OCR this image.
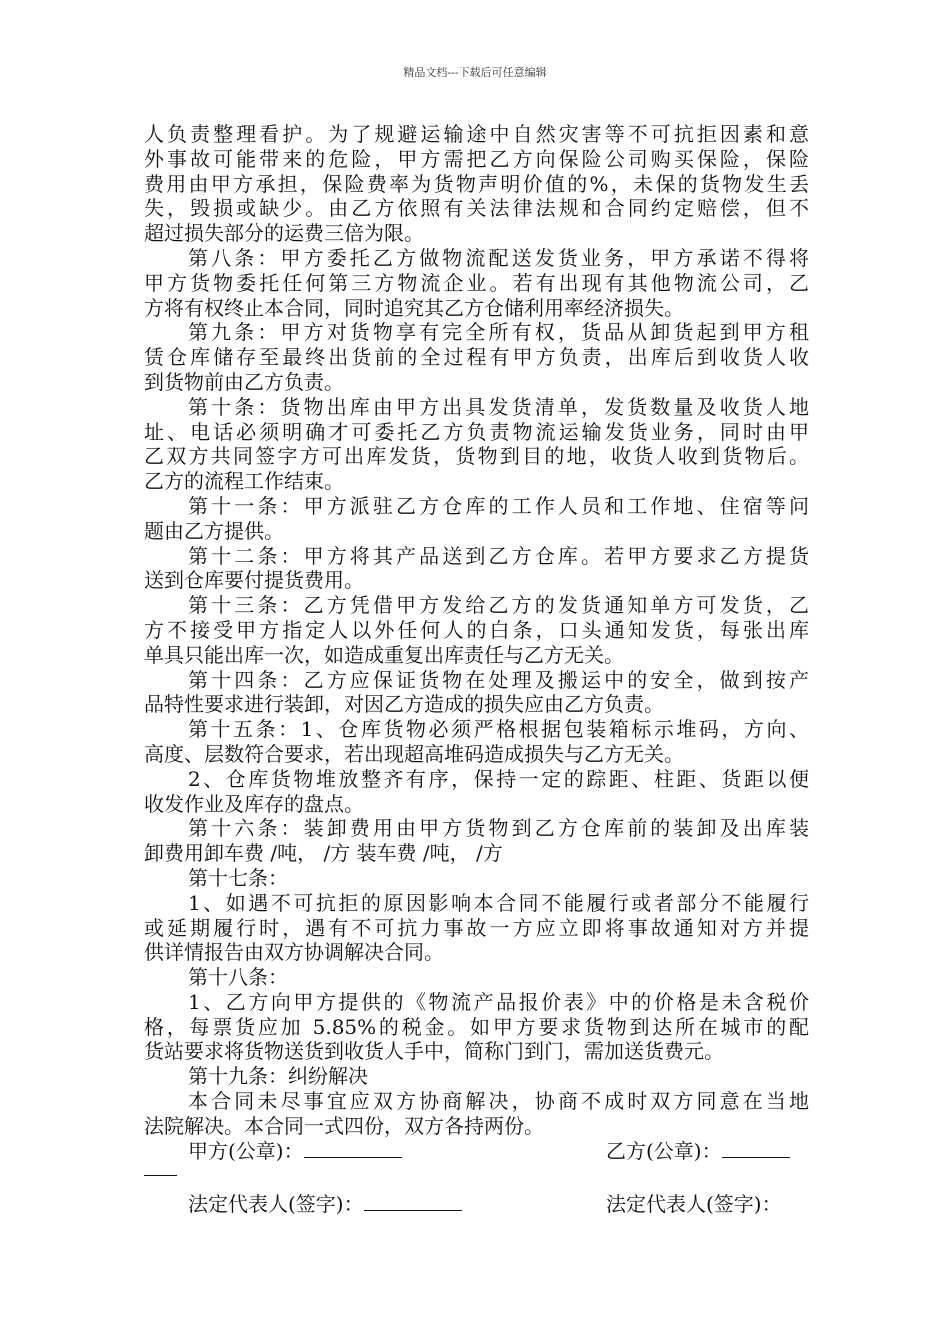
精品文档---下载后可任意编辑
人负责整理看护。为了规避运输途中自然灾害等不可抗拒因素和意
外事故可能带来的危险，甲方需把乙方向保险公司购买保险，保险
费用由甲方承担，保险费率为货物声明价值的%，未保的货物发生丢
失，毁损或缺少。由乙方依照有关法律法规和合同约定赔偿，但不
超过损失部分的运费三倍为限。
第八条：甲方委托乙方做物流配送发货业务，甲方承诺不得将
甲方货物委托任何第三方物流企业。若有出现有其他物流公司，乙
方将有权终止本合同，同时追究其乙方仓储利用率经济损失。
第九条：甲方对货物享有完全所有权，货品从卸货起到甲方租
赁仓库储存至最终出货前的全过程有甲方负责，出库后到收货人收
到货物前由乙方负责。
第十条：货物出库由甲方出具发货清单，发货数量及收货人地
址、电话必须明确才可委托乙方负责物流运输发货业务，同时由甲
乙双方共同签字方可出库发货，货物到目的地，收货人收到货物后。
乙方的流程工作结束。
第十一条：甲方派驻乙方仓库的工作人员和工作地、住宿等问
题由乙方提供。
第十二条：甲方将其产品送到乙方仓库。若甲方要求乙方提货
送到仓库要付提货费用。
第十三条：乙方凭借甲方发给乙方的发货通知单方可发货，乙
方不接受甲方指定人以外任何人的白条，口头通知发货，每张出库
单具只能出库一次，如造成重复出库责任与乙方无关。
第十四条：乙方应保证货物在处理及搬运中的安全，做到按产
品特性要求进行装卸，对因乙方造成的损失应由乙方负责。
第十五条：1、仓库货物必须严格根据包装箱标示堆码，方向、
高度、层数符合要求，若出现超高堆码造成损失与乙方无关。
2、仓库货物堆放整齐有序，保持一定的踪距、柱距、货距以便
收发作业及库存的盘点。
第十六条：装卸费用由甲方货物到乙方仓库前的装卸及出库装
卸费用卸车费 /吨， /方 装车费 /吨， /方
第十七条：
1、如遇不可抗拒的原因影响本合同不能履行或者部分不能履行
或延期履行时，遇有不可抗力事故一方应立即将事故通知对方并提
供详情报告由双方协调解决合同。
第十八条：
1、乙方向甲方提供的《物流产品报价表》中的价格是未含税价
格，每票货应加 5.85%的税金。如甲方要求货物到达所在城市的配
货站要求将货物送货到收货人手中，简称门到门，需加送货费元。
第十九条：纠纷解决
本合同未尽事宜应双方协商解决，协商不成时双方同意在当地
法院解决。本合同一式四份，双方各持两份。
甲方(公章)：	乙方(公章)：
法定代表人(签字)：	法定代表人(签字)：
